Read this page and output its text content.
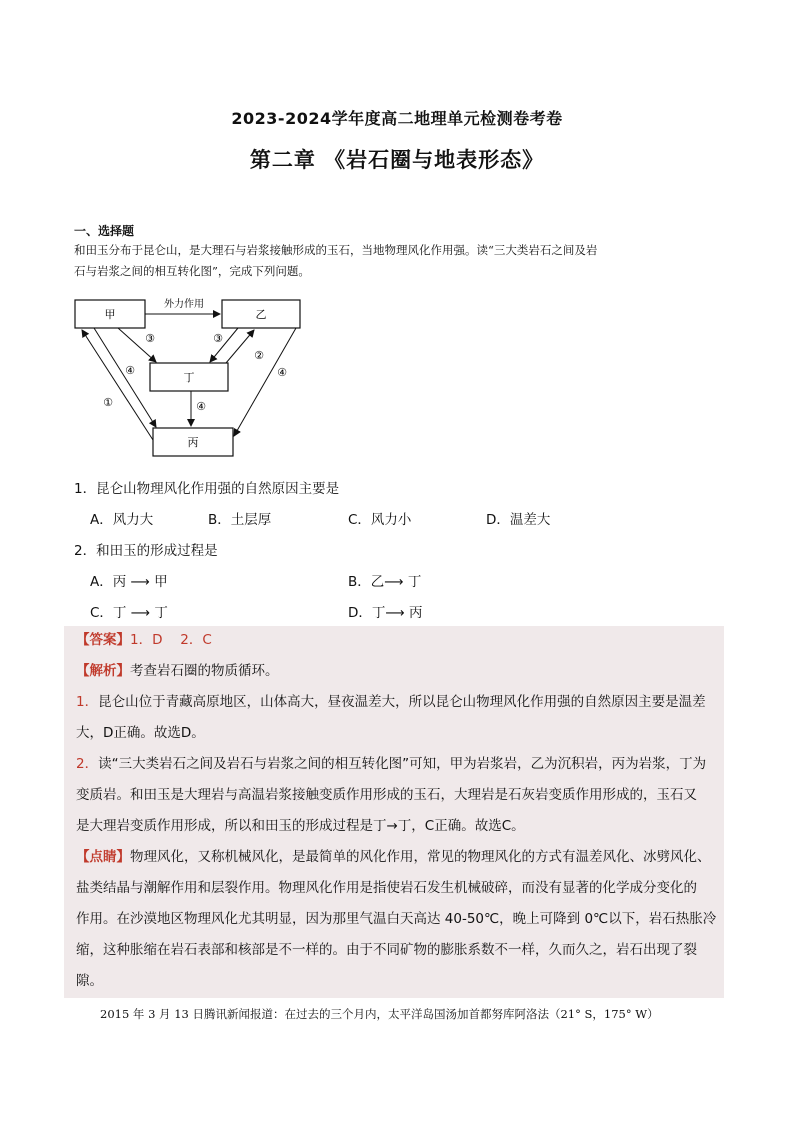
2023-2024学年度高二地理单元检测卷考卷
第二章 《岩石圈与地表形态》
一、选择题
和田玉分布于昆仑山，是大理石与岩浆接触形成的玉石，当地物理风化作用强。读“三大类岩石之间及岩
石与岩浆之间的相互转化图”，完成下列问题。
甲	乙
丁
丙
外力作用
③	③
②
④
④
①
④
1．昆仑山物理风化作用强的自然原因主要是
A．风力大	B．土层厚	C．风力小	D．温差大
2．和田玉的形成过程是
A．丙 ⟶ 甲	B．乙⟶ 丁
C．丁 ⟶ 丁	D．丁⟶ 丙
【答案】1．D　 2．C
【解析】考查岩石圈的物质循环。
1．昆仑山位于青藏高原地区，山体高大，昼夜温差大，所以昆仑山物理风化作用强的自然原因主要是温差
大，D正确。故选D。
2．读“三大类岩石之间及岩石与岩浆之间的相互转化图”可知，甲为岩浆岩，乙为沉积岩，丙为岩浆，丁为
变质岩。和田玉是大理岩与高温岩浆接触变质作用形成的玉石，大理岩是石灰岩变质作用形成的，玉石又
是大理岩变质作用形成，所以和田玉的形成过程是丁→丁，C正确。故选C。
【点睛】物理风化，又称机械风化，是最简单的风化作用，常见的物理风化的方式有温差风化、冰劈风化、
盐类结晶与潮解作用和层裂作用。物理风化作用是指使岩石发生机械破碎，而没有显著的化学成分变化的
作用。在沙漠地区物理风化尤其明显，因为那里气温白天高达 40-50℃，晚上可降到 0℃以下，岩石热胀冷
缩，这种胀缩在岩石表部和核部是不一样的。由于不同矿物的膨胀系数不一样，久而久之，岩石出现了裂
隙。
2015 年 3 月 13 日腾讯新闻报道：在过去的三个月内，太平洋岛国汤加首都努库阿洛法（21° S，175° W）
